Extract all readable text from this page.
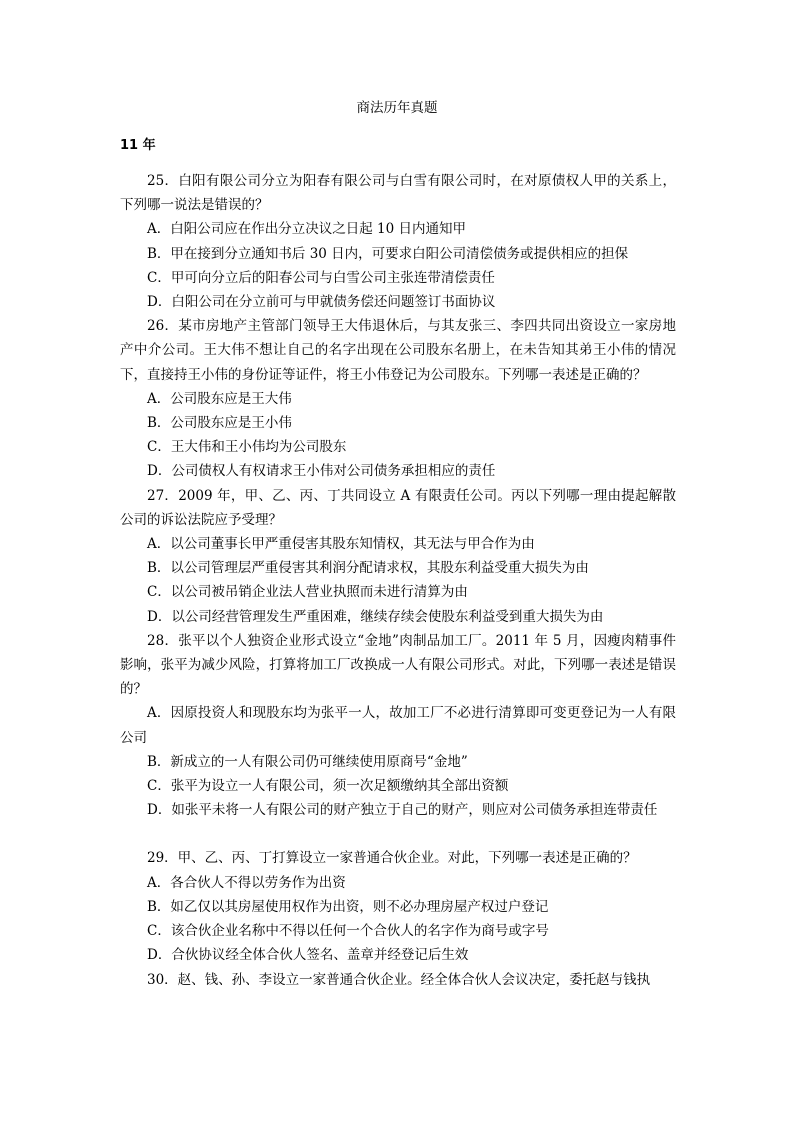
商法历年真题
11 年

25．白阳有限公司分立为阳春有限公司与白雪有限公司时，在对原债权人甲的关系上，下列哪一说法是错误的？

A．白阳公司应在作出分立决议之日起 10 日内通知甲

B．甲在接到分立通知书后 30 日内，可要求白阳公司清偿债务或提供相应的担保

C．甲可向分立后的阳春公司与白雪公司主张连带清偿责任

D．白阳公司在分立前可与甲就债务偿还问题签订书面协议

26．某市房地产主管部门领导王大伟退休后，与其友张三、李四共同出资设立一家房地产中介公司。王大伟不想让自己的名字出现在公司股东名册上，在未告知其弟王小伟的情况下，直接持王小伟的身份证等证件，将王小伟登记为公司股东。下列哪一表述是正确的？

A．公司股东应是王大伟

B．公司股东应是王小伟

C．王大伟和王小伟均为公司股东

D．公司债权人有权请求王小伟对公司债务承担相应的责任

27．2009 年，甲、乙、丙、丁共同设立 A 有限责任公司。丙以下列哪一理由提起解散公司的诉讼法院应予受理？

A．以公司董事长甲严重侵害其股东知情权，其无法与甲合作为由

B．以公司管理层严重侵害其利润分配请求权，其股东利益受重大损失为由

C．以公司被吊销企业法人营业执照而未进行清算为由

D．以公司经营管理发生严重困难，继续存续会使股东利益受到重大损失为由

28．张平以个人独资企业形式设立“金地”肉制品加工厂。2011 年 5 月，因瘦肉精事件影响，张平为减少风险，打算将加工厂改换成一人有限公司形式。对此，下列哪一表述是错误的？

A．因原投资人和现股东均为张平一人，故加工厂不必进行清算即可变更登记为一人有限公司

B．新成立的一人有限公司仍可继续使用原商号“金地”

C．张平为设立一人有限公司，须一次足额缴纳其全部出资额

D．如张平未将一人有限公司的财产独立于自己的财产，则应对公司债务承担连带责任

29．甲、乙、丙、丁打算设立一家普通合伙企业。对此，下列哪一表述是正确的？

A．各合伙人不得以劳务作为出资

B．如乙仅以其房屋使用权作为出资，则不必办理房屋产权过户登记

C．该合伙企业名称中不得以任何一个合伙人的名字作为商号或字号

D．合伙协议经全体合伙人签名、盖章并经登记后生效

30．赵、钱、孙、李设立一家普通合伙企业。经全体合伙人会议决定，委托赵与钱执
